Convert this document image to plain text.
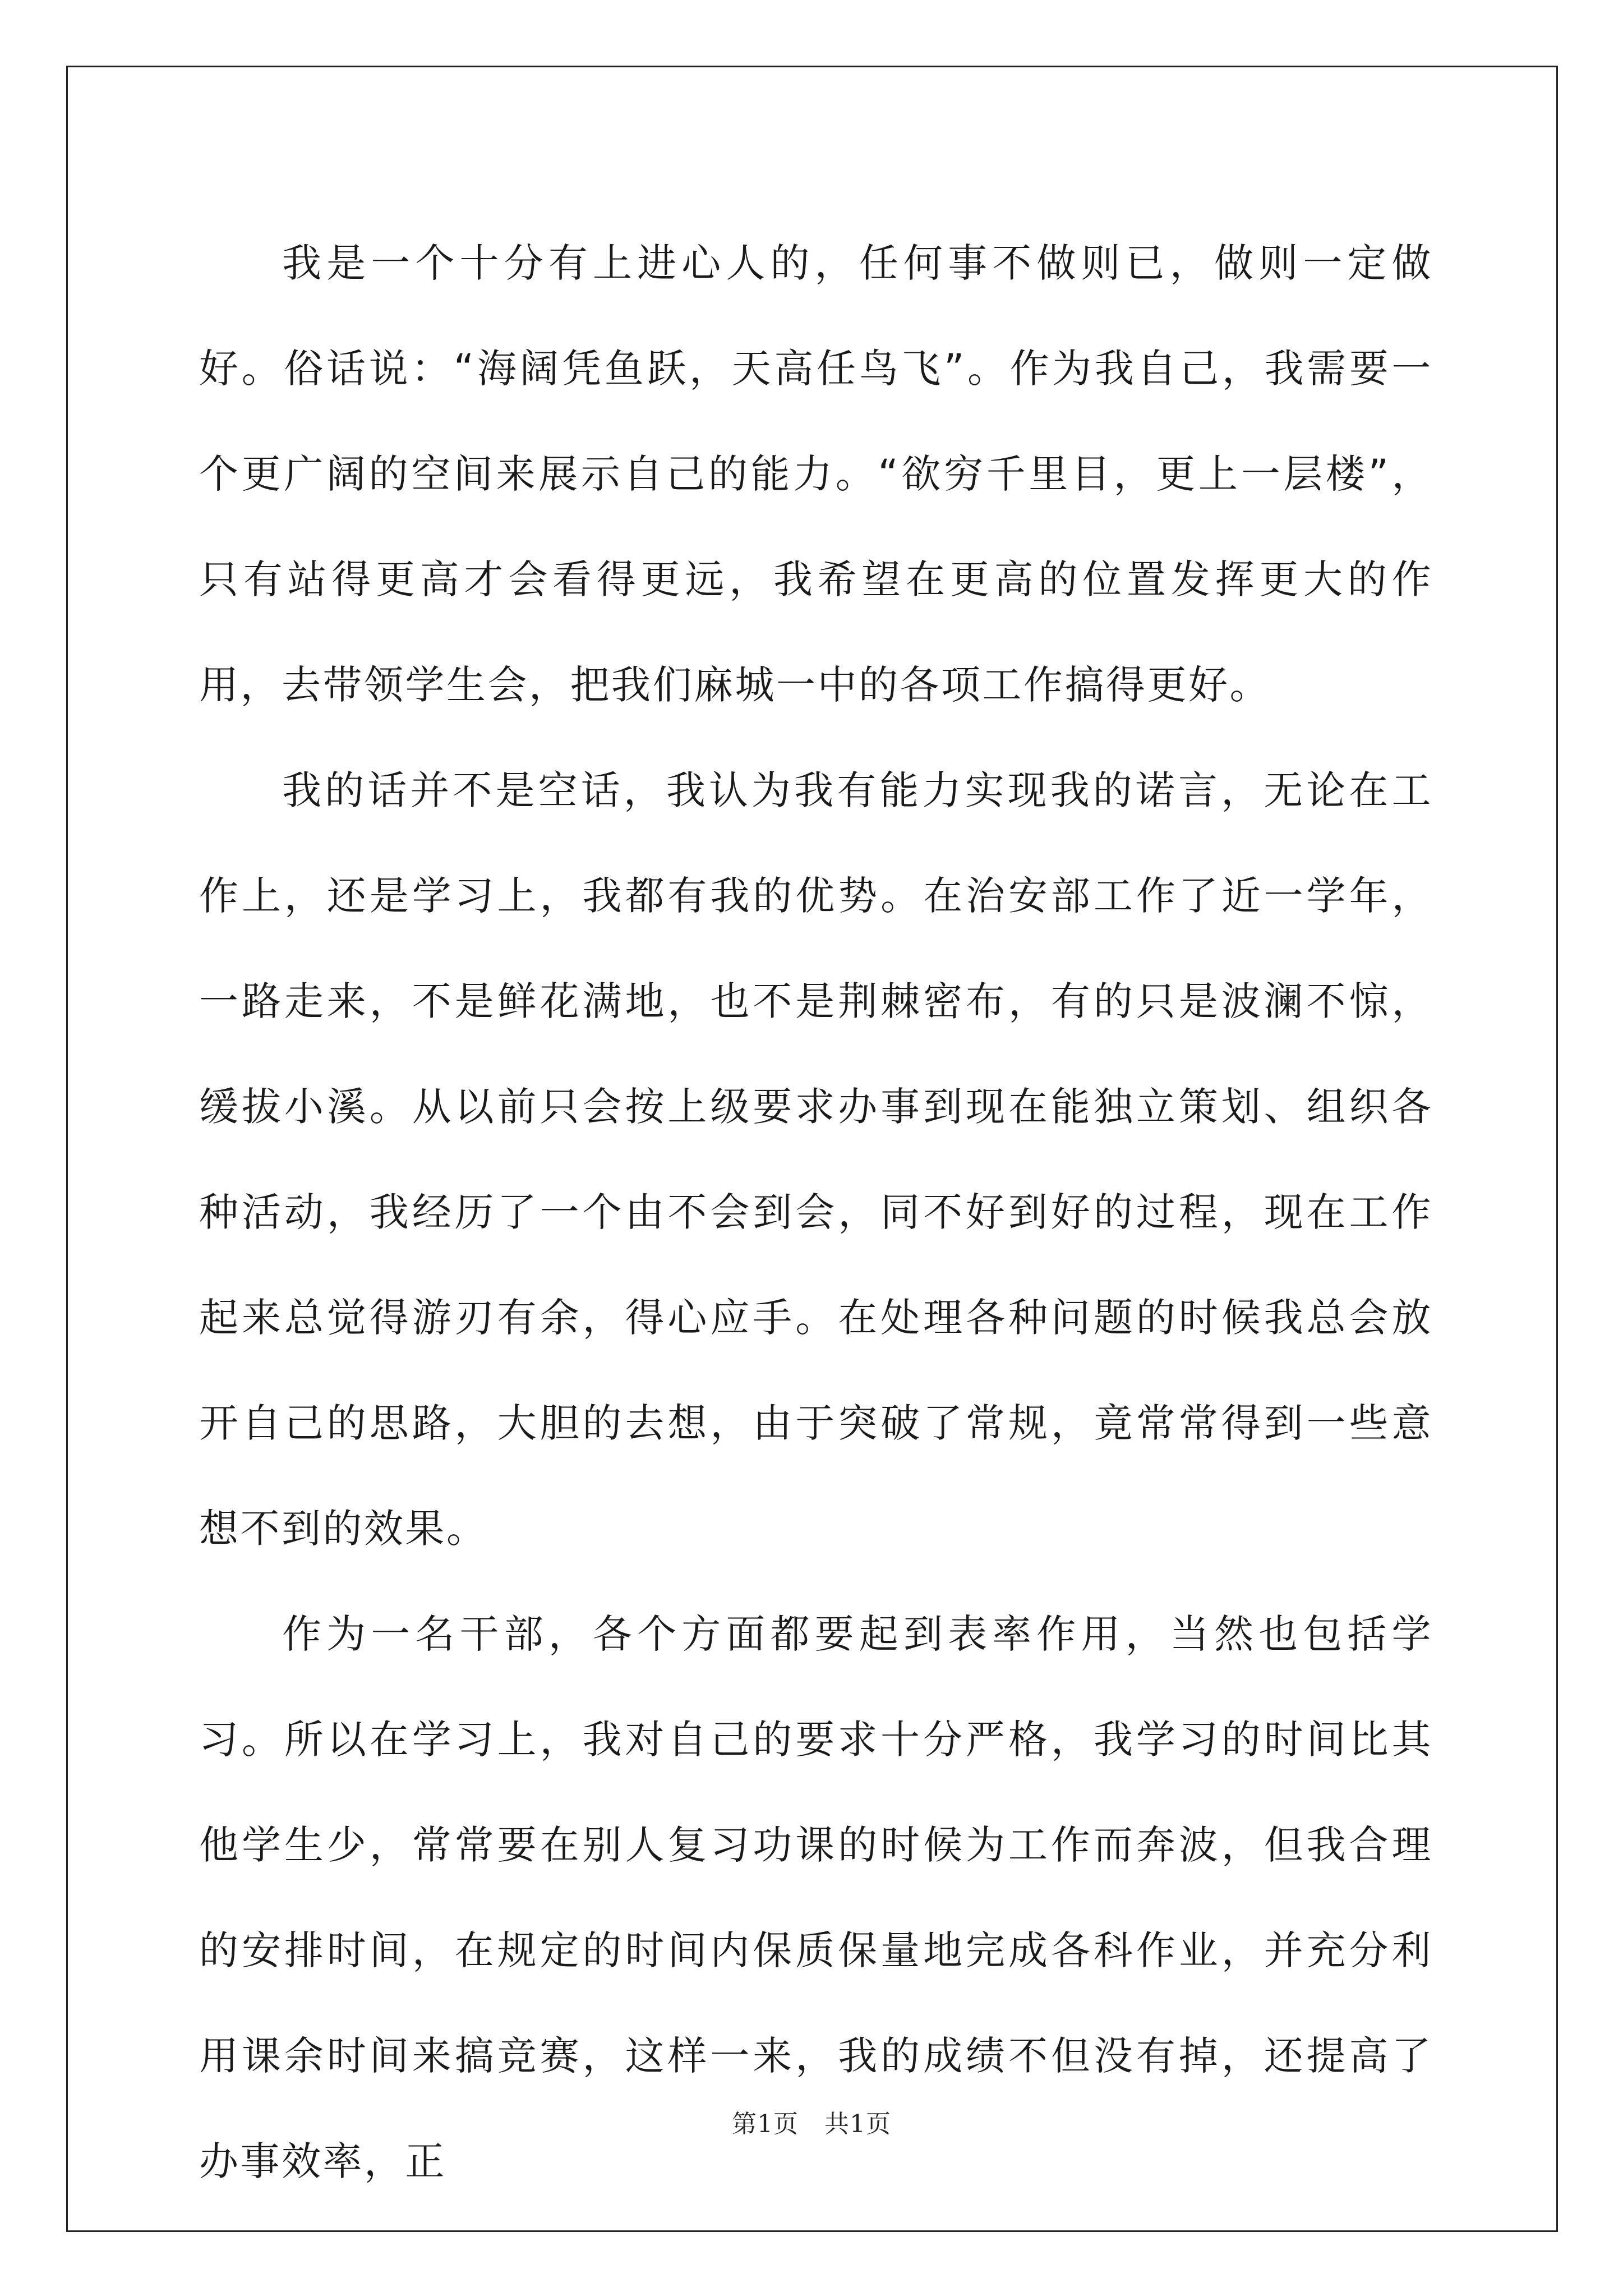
我是一个十分有上进心人的，任何事不做则已，做则一定做好。俗话说：“海阔凭鱼跃，天高任鸟飞”。作为我自己，我需要一个更广阔的空间来展示自己的能力。“欲穷千里目，更上一层楼”，只有站得更高才会看得更远，我希望在更高的位置发挥更大的作用，去带领学生会，把我们麻城一中的各项工作搞得更好。

我的话并不是空话，我认为我有能力实现我的诺言，无论在工作上，还是学习上，我都有我的优势。在治安部工作了近一学年，一路走来，不是鲜花满地，也不是荆棘密布，有的只是波澜不惊，缓拔小溪。从以前只会按上级要求办事到现在能独立策划、组织各种活动，我经历了一个由不会到会，同不好到好的过程，现在工作起来总觉得游刃有余，得心应手。在处理各种问题的时候我总会放开自己的思路，大胆的去想，由于突破了常规，竟常常得到一些意想不到的效果。

作为一名干部，各个方面都要起到表率作用，当然也包括学习。所以在学习上，我对自己的要求十分严格，我学习的时间比其他学生少，常常要在别人复习功课的时候为工作而奔波，但我合理的安排时间，在规定的时间内保质保量地完成各科作业，并充分利用课余时间来搞竞赛，这样一来，我的成绩不但没有掉，还提高了办事效率，正

第1页 共1页
